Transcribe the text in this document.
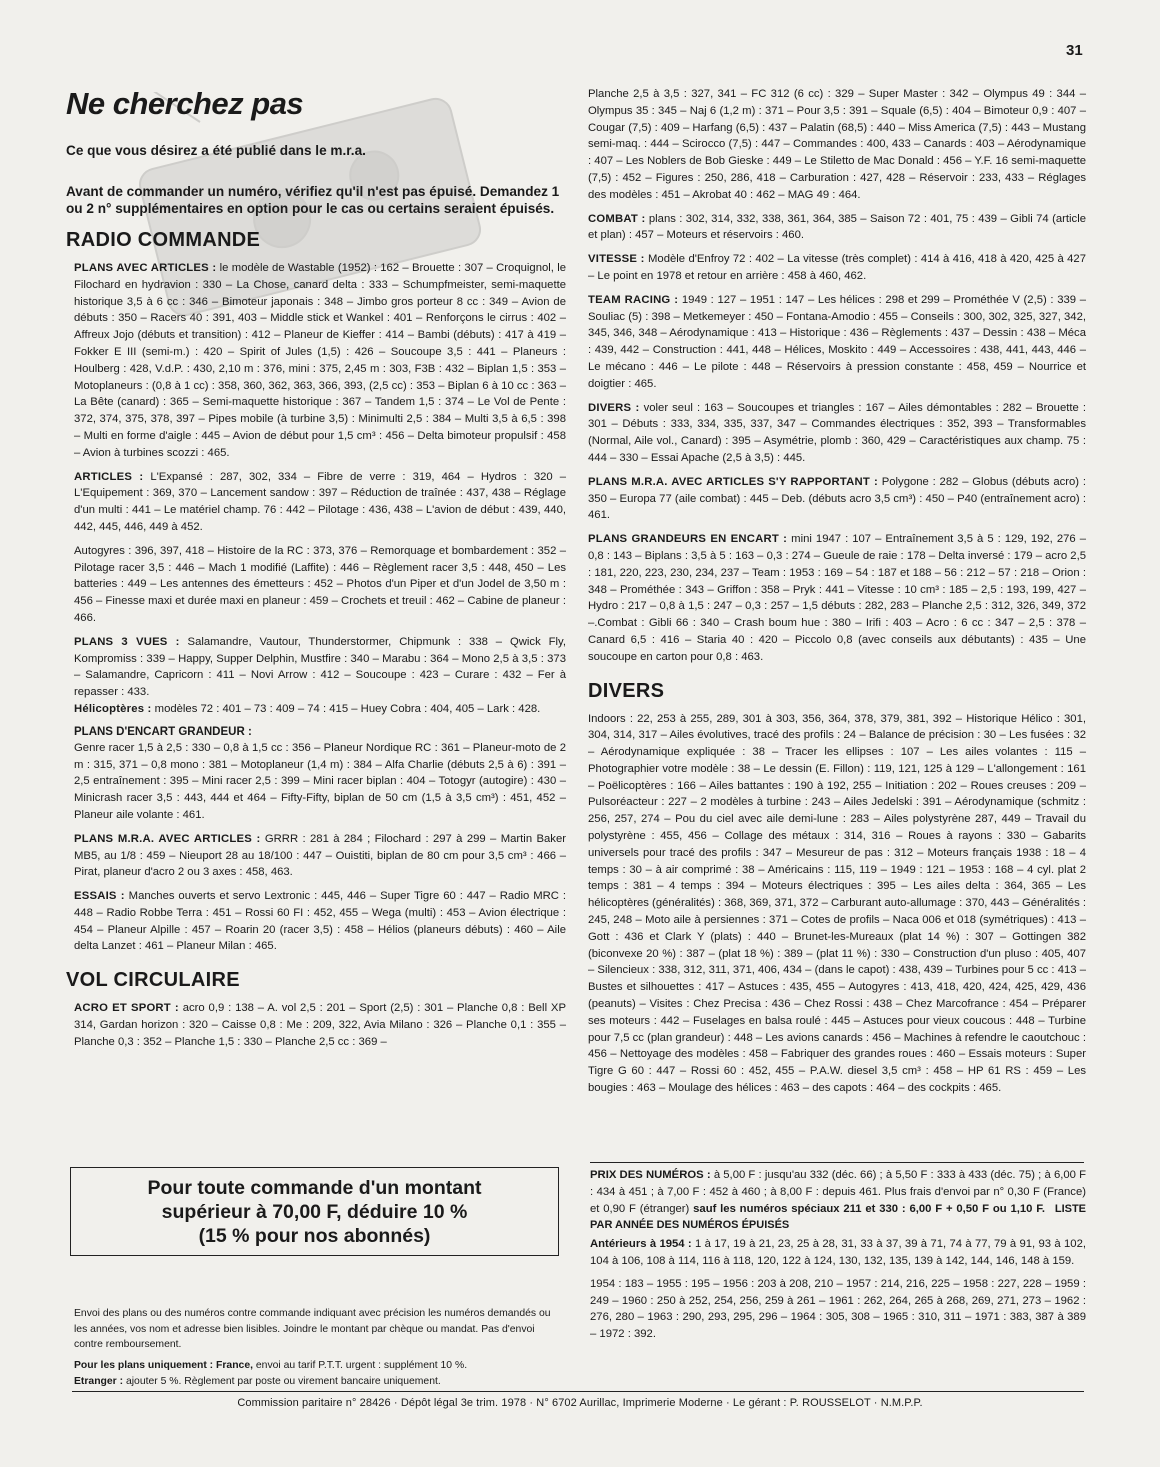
31
Ne cherchez pas
Ce que vous désirez a été publié dans le m.r.a.
Avant de commander un numéro, vérifiez qu'il n'est pas épuisé. Demandez 1 ou 2 n° supplémentaires en option pour le cas ou certains seraient épuisés.
RADIO COMMANDE

PLANS AVEC ARTICLES : le modèle de Wastable (1952) : 162 – Brouette : 307 – Croquignol, le Filochard en hydravion : 330 – La Chose, canard delta : 333 – Schumpfmeister, semi-maquette historique 3,5 à 6 cc : 346 – Bimoteur japonais : 348 – Jimbo gros porteur 8 cc : 349 – Avion de débuts : 350 – Racers 40 : 391, 403 – Middle stick et Wankel : 401 – Renforçons le cirrus : 402 – Affreux Jojo (débuts et transition) : 412 – Planeur de Kieffer : 414 – Bambi (débuts) : 417 à 419 – Fokker E III (semi-m.) : 420 – Spirit of Jules (1,5) : 426 – Soucoupe 3,5 : 441 – Planeurs : Houlberg : 428, V.d.P. : 430, 2,10 m : 376, mini : 375, 2,45 m : 303, F3B : 432 – Biplan 1,5 : 353 – Motoplaneurs : (0,8 à 1 cc) : 358, 360, 362, 363, 366, 393, (2,5 cc) : 353 – Biplan 6 à 10 cc : 363 – La Bête (canard) : 365 – Semi-maquette historique : 367 – Tandem 1,5 : 374 – Le Vol de Pente : 372, 374, 375, 378, 397 – Pipes mobile (à turbine 3,5) : Minimulti 2,5 : 384 – Multi 3,5 à 6,5 : 398 – Multi en forme d'aigle : 445 – Avion de début pour 1,5 cm³ : 456 – Delta bimoteur propulsif : 458 – Avion à turbines scozzi : 465.

ARTICLES : L'Expansé : 287, 302, 334 – Fibre de verre : 319, 464 – Hydros : 320 – L'Equipement : 369, 370 – Lancement sandow : 397 – Réduction de traînée : 437, 438 – Réglage d'un multi : 441 – Le matériel champ. 76 : 442 – Pilotage : 436, 438 – L'avion de début : 439, 440, 442, 445, 446, 449 à 452.

Autogyres : 396, 397, 418 – Histoire de la RC : 373, 376 – Remorquage et bombardement : 352 – Pilotage racer 3,5 : 446 – Mach 1 modifié (Laffite) : 446 – Règlement racer 3,5 : 448, 450 – Les batteries : 449 – Les antennes des émetteurs : 452 – Photos d'un Piper et d'un Jodel de 3,50 m : 456 – Finesse maxi et durée maxi en planeur : 459 – Crochets et treuil : 462 – Cabine de planeur : 466.

PLANS 3 VUES : Salamandre, Vautour, Thunderstormer, Chipmunk : 338 – Qwick Fly, Kompromiss : 339 – Happy, Supper Delphin, Mustfire : 340 – Marabu : 364 – Mono 2,5 à 3,5 : 373 – Salamandre, Capricorn : 411 – Novi Arrow : 412 – Soucoupe : 423 – Curare : 432 – Fer à repasser : 433.
Hélicoptères : modèles 72 : 401 – 73 : 409 – 74 : 415 – Huey Cobra : 404, 405 – Lark : 428.

PLANS D'ENCART GRANDEUR :

Genre racer 1,5 à 2,5 : 330 – 0,8 à 1,5 cc : 356 – Planeur Nordique RC : 361 – Planeur-moto de 2 m : 315, 371 – 0,8 mono : 381 – Motoplaneur (1,4 m) : 384 – Alfa Charlie (débuts 2,5 à 6) : 391 – 2,5 entraînement : 395 – Mini racer 2,5 : 399 – Mini racer biplan : 404 – Totogyr (autogire) : 430 – Minicrash racer 3,5 : 443, 444 et 464 – Fifty-Fifty, biplan de 50 cm (1,5 à 3,5 cm³) : 451, 452 – Planeur aile volante : 461.

PLANS M.R.A. AVEC ARTICLES : GRRR : 281 à 284 ; Filochard : 297 à 299 – Martin Baker MB5, au 1/8 : 459 – Nieuport 28 au 18/100 : 447 – Ouistiti, biplan de 80 cm pour 3,5 cm³ : 466 – Pirat, planeur d'acro 2 ou 3 axes : 458, 463.

ESSAIS : Manches ouverts et servo Lextronic : 445, 446 – Super Tigre 60 : 447 – Radio MRC : 448 – Radio Robbe Terra : 451 – Rossi 60 FI : 452, 455 – Wega (multi) : 453 – Avion électrique : 454 – Planeur Alpille : 457 – Roarin 20 (racer 3,5) : 458 – Hélios (planeurs débuts) : 460 – Aile delta Lanzet : 461 – Planeur Milan : 465.

VOL CIRCULAIRE

ACRO ET SPORT : acro 0,9 : 138 – A. vol 2,5 : 201 – Sport (2,5) : 301 – Planche 0,8 : Bell XP 314, Gardan horizon : 320 – Caisse 0,8 : Me : 209, 322, Avia Milano : 326 – Planche 0,1 : 355 – Planche 0,3 : 352 – Planche 1,5 : 330 – Planche 2,5 cc : 369 –

Planche 2,5 à 3,5 : 327, 341 – FC 312 (6 cc) : 329 – Super Master : 342 – Olympus 49 : 344 – Olympus 35 : 345 – Naj 6 (1,2 m) : 371 – Pour 3,5 : 391 – Squale (6,5) : 404 – Bimoteur 0,9 : 407 – Cougar (7,5) : 409 – Harfang (6,5) : 437 – Palatin (68,5) : 440 – Miss America (7,5) : 443 – Mustang semi-maq. : 444 – Scirocco (7,5) : 447 – Commandes : 400, 433 – Canards : 403 – Aérodynamique : 407 – Les Noblers de Bob Gieske : 449 – Le Stiletto de Mac Donald : 456 – Y.F. 16 semi-maquette (7,5) : 452 – Figures : 250, 286, 418 – Carburation : 427, 428 – Réservoir : 233, 433 – Réglages des modèles : 451 – Akrobat 40 : 462 – MAG 49 : 464.

COMBAT : plans : 302, 314, 332, 338, 361, 364, 385 – Saison 72 : 401, 75 : 439 – Gibli 74 (article et plan) : 457 – Moteurs et réservoirs : 460.

VITESSE : Modèle d'Enfroy 72 : 402 – La vitesse (très complet) : 414 à 416, 418 à 420, 425 à 427 – Le point en 1978 et retour en arrière : 458 à 460, 462.

TEAM RACING : 1949 : 127 – 1951 : 147 – Les hélices : 298 et 299 – Prométhée V (2,5) : 339 – Souliac (5) : 398 – Metkemeyer : 450 – Fontana-Amodio : 455 – Conseils : 300, 302, 325, 327, 342, 345, 346, 348 – Aérodynamique : 413 – Historique : 436 – Règlements : 437 – Dessin : 438 – Méca : 439, 442 – Construction : 441, 448 – Hélices, Moskito : 449 – Accessoires : 438, 441, 443, 446 – Le mécano : 446 – Le pilote : 448 – Réservoirs à pression constante : 458, 459 – Nourrice et doigtier : 465.

DIVERS : voler seul : 163 – Soucoupes et triangles : 167 – Ailes démontables : 282 – Brouette : 301 – Débuts : 333, 334, 335, 337, 347 – Commandes électriques : 352, 393 – Transformables (Normal, Aile vol., Canard) : 395 – Asymétrie, plomb : 360, 429 – Caractéristiques aux champ. 75 : 444 – 330 – Essai Apache (2,5 à 3,5) : 445.

PLANS M.R.A. AVEC ARTICLES S'Y RAPPORTANT : Polygone : 282 – Globus (débuts acro) : 350 – Europa 77 (aile combat) : 445 – Deb. (débuts acro 3,5 cm³) : 450 – P40 (entraînement acro) : 461.

PLANS GRANDEURS EN ENCART : mini 1947 : 107 – Entraînement 3,5 à 5 : 129, 192, 276 – 0,8 : 143 – Biplans : 3,5 à 5 : 163 – 0,3 : 274 – Gueule de raie : 178 – Delta inversé : 179 – acro 2,5 : 181, 220, 223, 230, 234, 237 – Team : 1953 : 169 – 54 : 187 et 188 – 56 : 212 – 57 : 218 – Orion : 348 – Prométhée : 343 – Griffon : 358 – Pryk : 441 – Vitesse : 10 cm³ : 185 – 2,5 : 193, 199, 427 – Hydro : 217 – 0,8 à 1,5 : 247 – 0,3 : 257 – 1,5 débuts : 282, 283 – Planche 2,5 : 312, 326, 349, 372 –.Combat : Gibli 66 : 340 – Crash boum hue : 380 – Irifi : 403 – Acro : 6 cc : 347 – 2,5 : 378 – Canard 6,5 : 416 – Staria 40 : 420 – Piccolo 0,8 (avec conseils aux débutants) : 435 – Une soucoupe en carton pour 0,8 : 463.

DIVERS

Indoors : 22, 253 à 255, 289, 301 à 303, 356, 364, 378, 379, 381, 392 – Historique Hélico : 301, 304, 314, 317 – Ailes évolutives, tracé des profils : 24 – Balance de précision : 30 – Les fusées : 32 – Aérodynamique expliquée : 38 – Tracer les ellipses : 107 – Les ailes volantes : 115 – Photographier votre modèle : 38 – Le dessin (E. Fillon) : 119, 121, 125 à 129 – L'allongement : 161 – Poëlicoptères : 166 – Ailes battantes : 190 à 192, 255 – Initiation : 202 – Roues creuses : 209 – Pulsoréacteur : 227 – 2 modèles à turbine : 243 – Ailes Jedelski : 391 – Aérodynamique (schmitz : 256, 257, 274 – Pou du ciel avec aile demi-lune : 283 – Ailes polystyrène 287, 449 – Travail du polystyrène : 455, 456 – Collage des métaux : 314, 316 – Roues à rayons : 330 – Gabarits universels pour tracé des profils : 347 – Mesureur de pas : 312 – Moteurs français 1938 : 18 – 4 temps : 30 – à air comprimé : 38 – Américains : 115, 119 – 1949 : 121 – 1953 : 168 – 4 cyl. plat 2 temps : 381 – 4 temps : 394 – Moteurs électriques : 395 – Les ailes delta : 364, 365 – Les hélicoptères (généralités) : 368, 369, 371, 372 – Carburant auto-allumage : 370, 443 – Généralités : 245, 248 – Moto aile à persiennes : 371 – Cotes de profils – Naca 006 et 018 (symétriques) : 413 – Gott : 436 et Clark Y (plats) : 440 – Brunet-les-Mureaux (plat 14 %) : 307 – Gottingen 382 (biconvexe 20 %) : 387 – (plat 18 %) : 389 – (plat 11 %) : 330 – Construction d'un pluso : 405, 407 – Silencieux : 338, 312, 311, 371, 406, 434 – (dans le capot) : 438, 439 – Turbines pour 5 cc : 413 – Bustes et silhouettes : 417 – Astuces : 435, 455 – Autogyres : 413, 418, 420, 424, 425, 429, 436 (peanuts) – Visites : Chez Precisa : 436 – Chez Rossi : 438 – Chez Marcofrance : 454 – Préparer ses moteurs : 442 – Fuselages en balsa roulé : 445 – Astuces pour vieux coucous : 448 – Turbine pour 7,5 cc (plan grandeur) : 448 – Les avions canards : 456 – Machines à refendre le caoutchouc : 456 – Nettoyage des modèles : 458 – Fabriquer des grandes roues : 460 – Essais moteurs : Super Tigre G 60 : 447 – Rossi 60 : 452, 455 – P.A.W. diesel 3,5 cm³ : 458 – HP 61 RS : 459 – Les bougies : 463 – Moulage des hélices : 463 – des capots : 464 – des cockpits : 465.

Pour toute commande d'un montant
supérieur à 70,00 F, déduire 10 %
(15 % pour nos abonnés)
Envoi des plans ou des numéros contre commande indiquant avec précision les numéros demandés ou les années, vos nom et adresse bien lisibles. Joindre le montant par chèque ou mandat. Pas d'envoi contre remboursement.
Pour les plans uniquement : France, envoi au tarif P.T.T. urgent : supplément 10 %.
Etranger : ajouter 5 %. Règlement par poste ou virement bancaire uniquement.
PRIX DES NUMÉROS : à 5,00 F : jusqu'au 332 (déc. 66) ; à 5,50 F : 333 à 433 (déc. 75) ; à 6,00 F : 434 à 451 ; à 7,00 F : 452 à 460 ; à 8,00 F : depuis 461. Plus frais d'envoi par n° 0,30 F (France) et 0,90 F (étranger) sauf les numéros spéciaux 211 et 330 : 6,00 F + 0,50 F ou 1,10 F. LISTE PAR ANNÉE DES NUMÉROS ÉPUISÉS
Antérieurs à 1954 : 1 à 17, 19 à 21, 23, 25 à 28, 31, 33 à 37, 39 à 71, 74 à 77, 79 à 91, 93 à 102, 104 à 106, 108 à 114, 116 à 118, 120, 122 à 124, 130, 132, 135, 139 à 142, 144, 146, 148 à 159.
1954 : 183 – 1955 : 195 – 1956 : 203 à 208, 210 – 1957 : 214, 216, 225 – 1958 : 227, 228 – 1959 : 249 – 1960 : 250 à 252, 254, 256, 259 à 261 – 1961 : 262, 264, 265 à 268, 269, 271, 273 – 1962 : 276, 280 – 1963 : 290, 293, 295, 296 – 1964 : 305, 308 – 1965 : 310, 311 – 1971 : 383, 387 à 389 – 1972 : 392.
Commission paritaire n° 28426 · Dépôt légal 3e trim. 1978 · N° 6702 Aurillac, Imprimerie Moderne · Le gérant : P. ROUSSELOT · N.M.P.P.
